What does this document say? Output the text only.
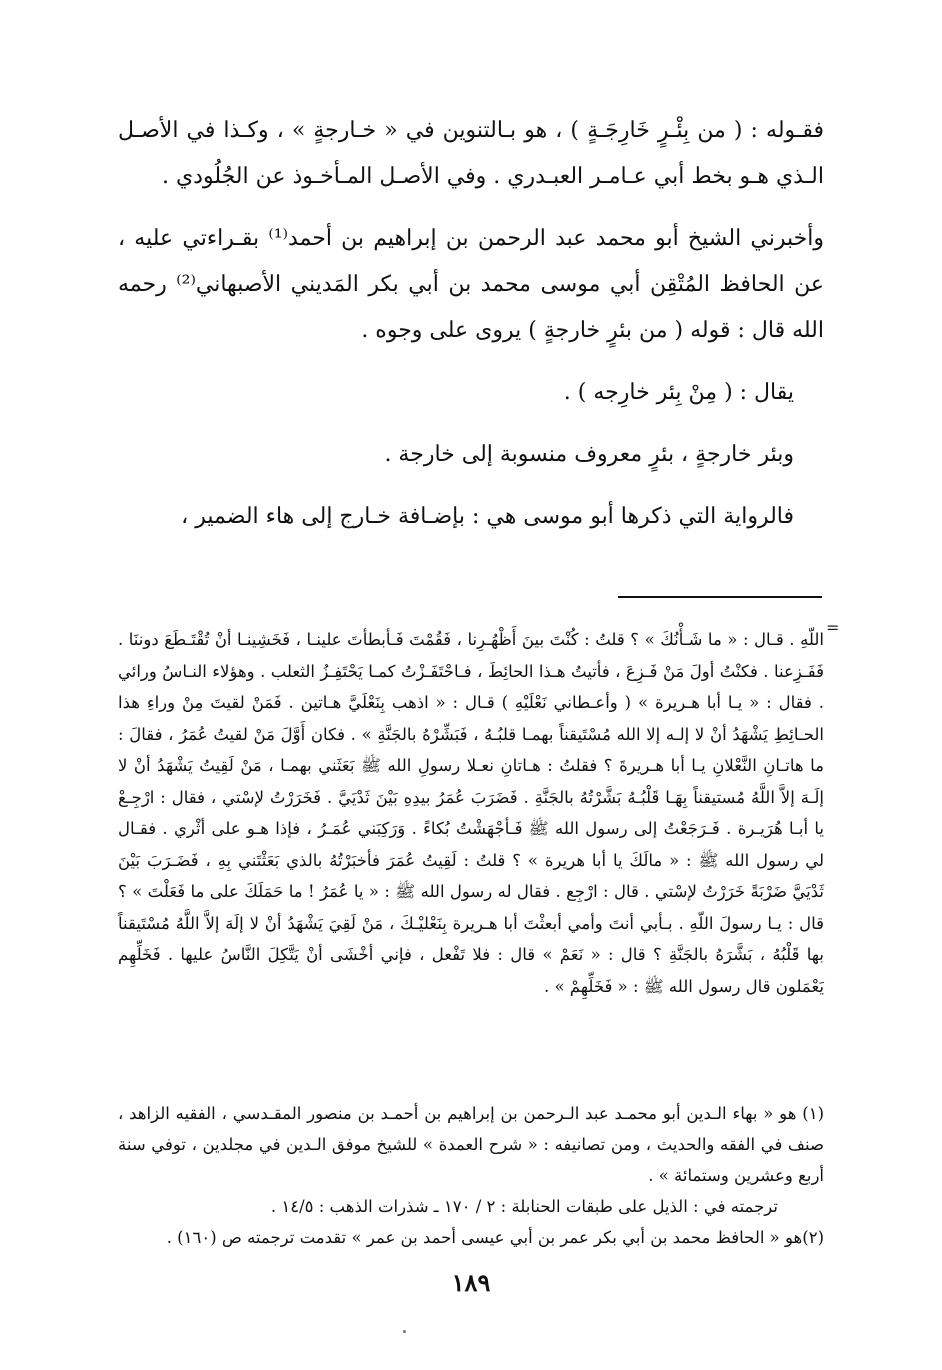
فقـوله : ( من بِئْـرٍ خَارِجَـةٍ ) ، هو بـالتنوين في « خـارجةٍ » ، وكـذا في الأصـل الـذي هـو بخط أبي عـامـر العبـدري . وفي الأصـل المـأخـوذ عن الجُلُودي .

وأخبرني الشيخ أبو محمد عبد الرحمن بن إبراهيم بن أحمد⁽¹⁾ بقـراءتي عليه ، عن الحافظ المُتْقِن أبي موسى محمد بن أبي بكر المَديني الأصبهاني⁽²⁾ رحمه الله قال : قوله ( من بئرٍ خارجةٍ ) يروى على وجوه .

يقال : ( مِنْ بِئر خارِجه ) .

وبئر خارجةٍ ، بئرٍ معروف منسوبة إلى خارجة .

فالرواية التي ذكرها أبو موسى هي : بإضـافة خـارج إلى هاء الضمير ،

=
اللّهِ . قـال : « ما شَـأْنُكَ » ؟ قلتُ : كُنْتَ بينَ أَظْهُـرِنا ، فَقُمْتَ فَـأبطأتَ علينـا ، فَخَشِينـا أنْ تُقْتَـطَعَ دوننَا . فَفَـزِعنا . فكنْتُ أولَ مَنْ فَـزِعَ ، فأتيتُ هـذا الحائِطَ ، فـاحْتَفَـزْتُ كمـا يَحْتَفِـزُ الثعلب . وهؤلاء النـاسُ ورائي . فقال : « يـا أبا هـريرة » ( وأعـطاني نَعْلَيْهِ ) قـال : « اذهب بِنَعْلَيَّ هـاتين . فَمَنْ لقيتَ مِنْ وراءِ هذا الحـائِطِ يَشْهَدُ أنْ لا إلـه إلا الله مُسْتَيقناً بهمـا قلبُـهُ ، فَبَشِّرْهُ بالجَنَّةِ » . فكان أَوَّلَ مَنْ لقيتُ عُمَرُ ، فقالَ : ما هاتـانِ النَّعْلانِ يـا أبا هـريرةَ ؟ فقلتُ : هـاتانِ نعـلا رسولِ الله ﷺ بَعَثَني بهمـا ، مَنْ لَقِيتُ يَشْهَدُ أنْ لا إلَـهَ إلاَّ اللَّهُ مُستيقناً بِهَـا قَلْبُـهُ بَشَّرْتُهُ بالجَنَّةِ . فَضَرَبَ عُمَرُ بيدِهِ بَيْنَ ثَدْيَيَّ . فَخَرَرْتُ لإسْتي ، فقال : ارْجِـعْ يا أبـا هُرَيـرة . فَـرَجَعْتُ إلى رسول الله ﷺ فَـأجْهَشْتُ بُكاءً . وَرَكِبَني عُمَـرُ ، فإذا هـو على أثْري . فقـال لي رسول الله ﷺ : « مالَكَ يا أبا هريرة » ؟ قلتُ : لَقِيتُ عُمَرَ فأخبَرْتُهُ بالذي بَعَثْتَني بِهِ ، فَضَـرَبَ بَيْنَ ثَدْيَيَّ ضَرْبَةً خَرَرْتُ لإسْتي . قال : ارْجِع . فقال له رسول الله ﷺ : « يا عُمَرُ ! ما حَمَلَكَ على ما فَعَلْتَ » ؟ قال : يـا رسولَ اللّهِ . بـأبي أنتَ وأمي أبعثْتَ أبا هـريرة بِنَعْليْـكَ ، مَنْ لَقِيَ يَشْهَدُ أنْ لا إلَهَ إلاَّ اللَّهُ مُسْتَيقناً بها قَلْبُهُ ، بَشَّرَهُ بالجَنَّةِ ؟ قال : « نَعَمْ » قال : فلا تَفْعل ، فإني أخْشَى أنْ يَتَّكِلَ النَّاسُ عليها . فَخَلِّهِم يَعْمَلون قال رسول الله ﷺ : « فَخَلِّهِمْ » .

(١) هو « بهاء الـدين أبو محمـد عبد الـرحمن بن إبراهيم بن أحمـد بن منصور المقـدسي ، الفقيه الزاهد ، صنف في الفقه والحديث ، ومن تصانيفه : « شرح العمدة » للشيخ موفق الـدين في مجلدين ، توفي سنة أربع وعشرين وستمائة » .

ترجمته في : الذيل على طبقات الحنابلة : ٢ / ١٧٠ ـ شذرات الذهب : ١٤/٥ .

(٢)هو « الحافظ محمد بن أبي بكر عمر بن أبي عيسى أحمد بن عمر » تقدمت ترجمته ص (١٦٠) .

١٨٩
